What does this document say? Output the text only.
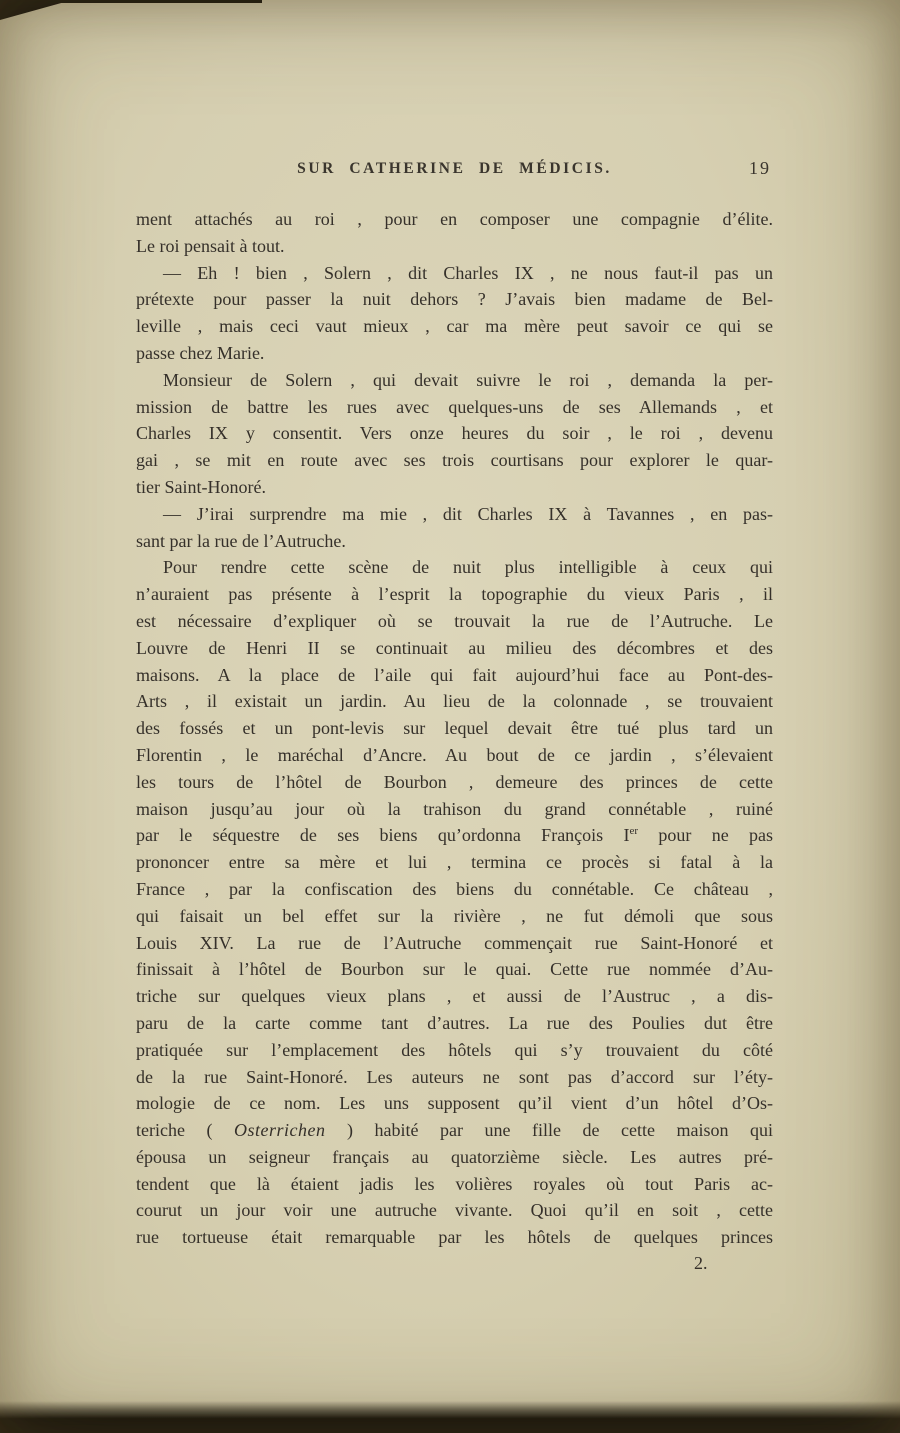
SUR CATHERINE DE MÉDICIS.	19
ment attachés au roi , pour en composer une compagnie d’élite.
Le roi pensait à tout.
— Eh ! bien , Solern , dit Charles IX , ne nous faut-il pas un
prétexte pour passer la nuit dehors ? J’avais bien madame de Bel-
leville , mais ceci vaut mieux , car ma mère peut savoir ce qui se
passe chez Marie.
Monsieur de Solern , qui devait suivre le roi , demanda la per-
mission de battre les rues avec quelques-uns de ses Allemands , et
Charles IX y consentit. Vers onze heures du soir , le roi , devenu
gai , se mit en route avec ses trois courtisans pour explorer le quar-
tier Saint-Honoré.
— J’irai surprendre ma mie , dit Charles IX à Tavannes , en pas-
sant par la rue de l’Autruche.
Pour rendre cette scène de nuit plus intelligible à ceux qui
n’auraient pas présente à l’esprit la topographie du vieux Paris , il
est nécessaire d’expliquer où se trouvait la rue de l’Autruche. Le
Louvre de Henri II se continuait au milieu des décombres et des
maisons. A la place de l’aile qui fait aujourd’hui face au Pont-des-
Arts , il existait un jardin. Au lieu de la colonnade , se trouvaient
des fossés et un pont-levis sur lequel devait être tué plus tard un
Florentin , le maréchal d’Ancre. Au bout de ce jardin , s’élevaient
les tours de l’hôtel de Bourbon , demeure des princes de cette
maison jusqu’au jour où la trahison du grand connétable , ruiné
par le séquestre de ses biens qu’ordonna François Ier pour ne pas
prononcer entre sa mère et lui , termina ce procès si fatal à la
France , par la confiscation des biens du connétable. Ce château ,
qui faisait un bel effet sur la rivière , ne fut démoli que sous
Louis XIV. La rue de l’Autruche commençait rue Saint-Honoré et
finissait à l’hôtel de Bourbon sur le quai. Cette rue nommée d’Au-
triche sur quelques vieux plans , et aussi de l’Austruc , a dis-
paru de la carte comme tant d’autres. La rue des Poulies dut être
pratiquée sur l’emplacement des hôtels qui s’y trouvaient du côté
de la rue Saint-Honoré. Les auteurs ne sont pas d’accord sur l’éty-
mologie de ce nom. Les uns supposent qu’il vient d’un hôtel d’Os-
teriche ( Osterrichen ) habité par une fille de cette maison qui
épousa un seigneur français au quatorzième siècle. Les autres pré-
tendent que là étaient jadis les volières royales où tout Paris ac-
courut un jour voir une autruche vivante. Quoi qu’il en soit , cette
rue tortueuse était remarquable par les hôtels de quelques princes
2.
